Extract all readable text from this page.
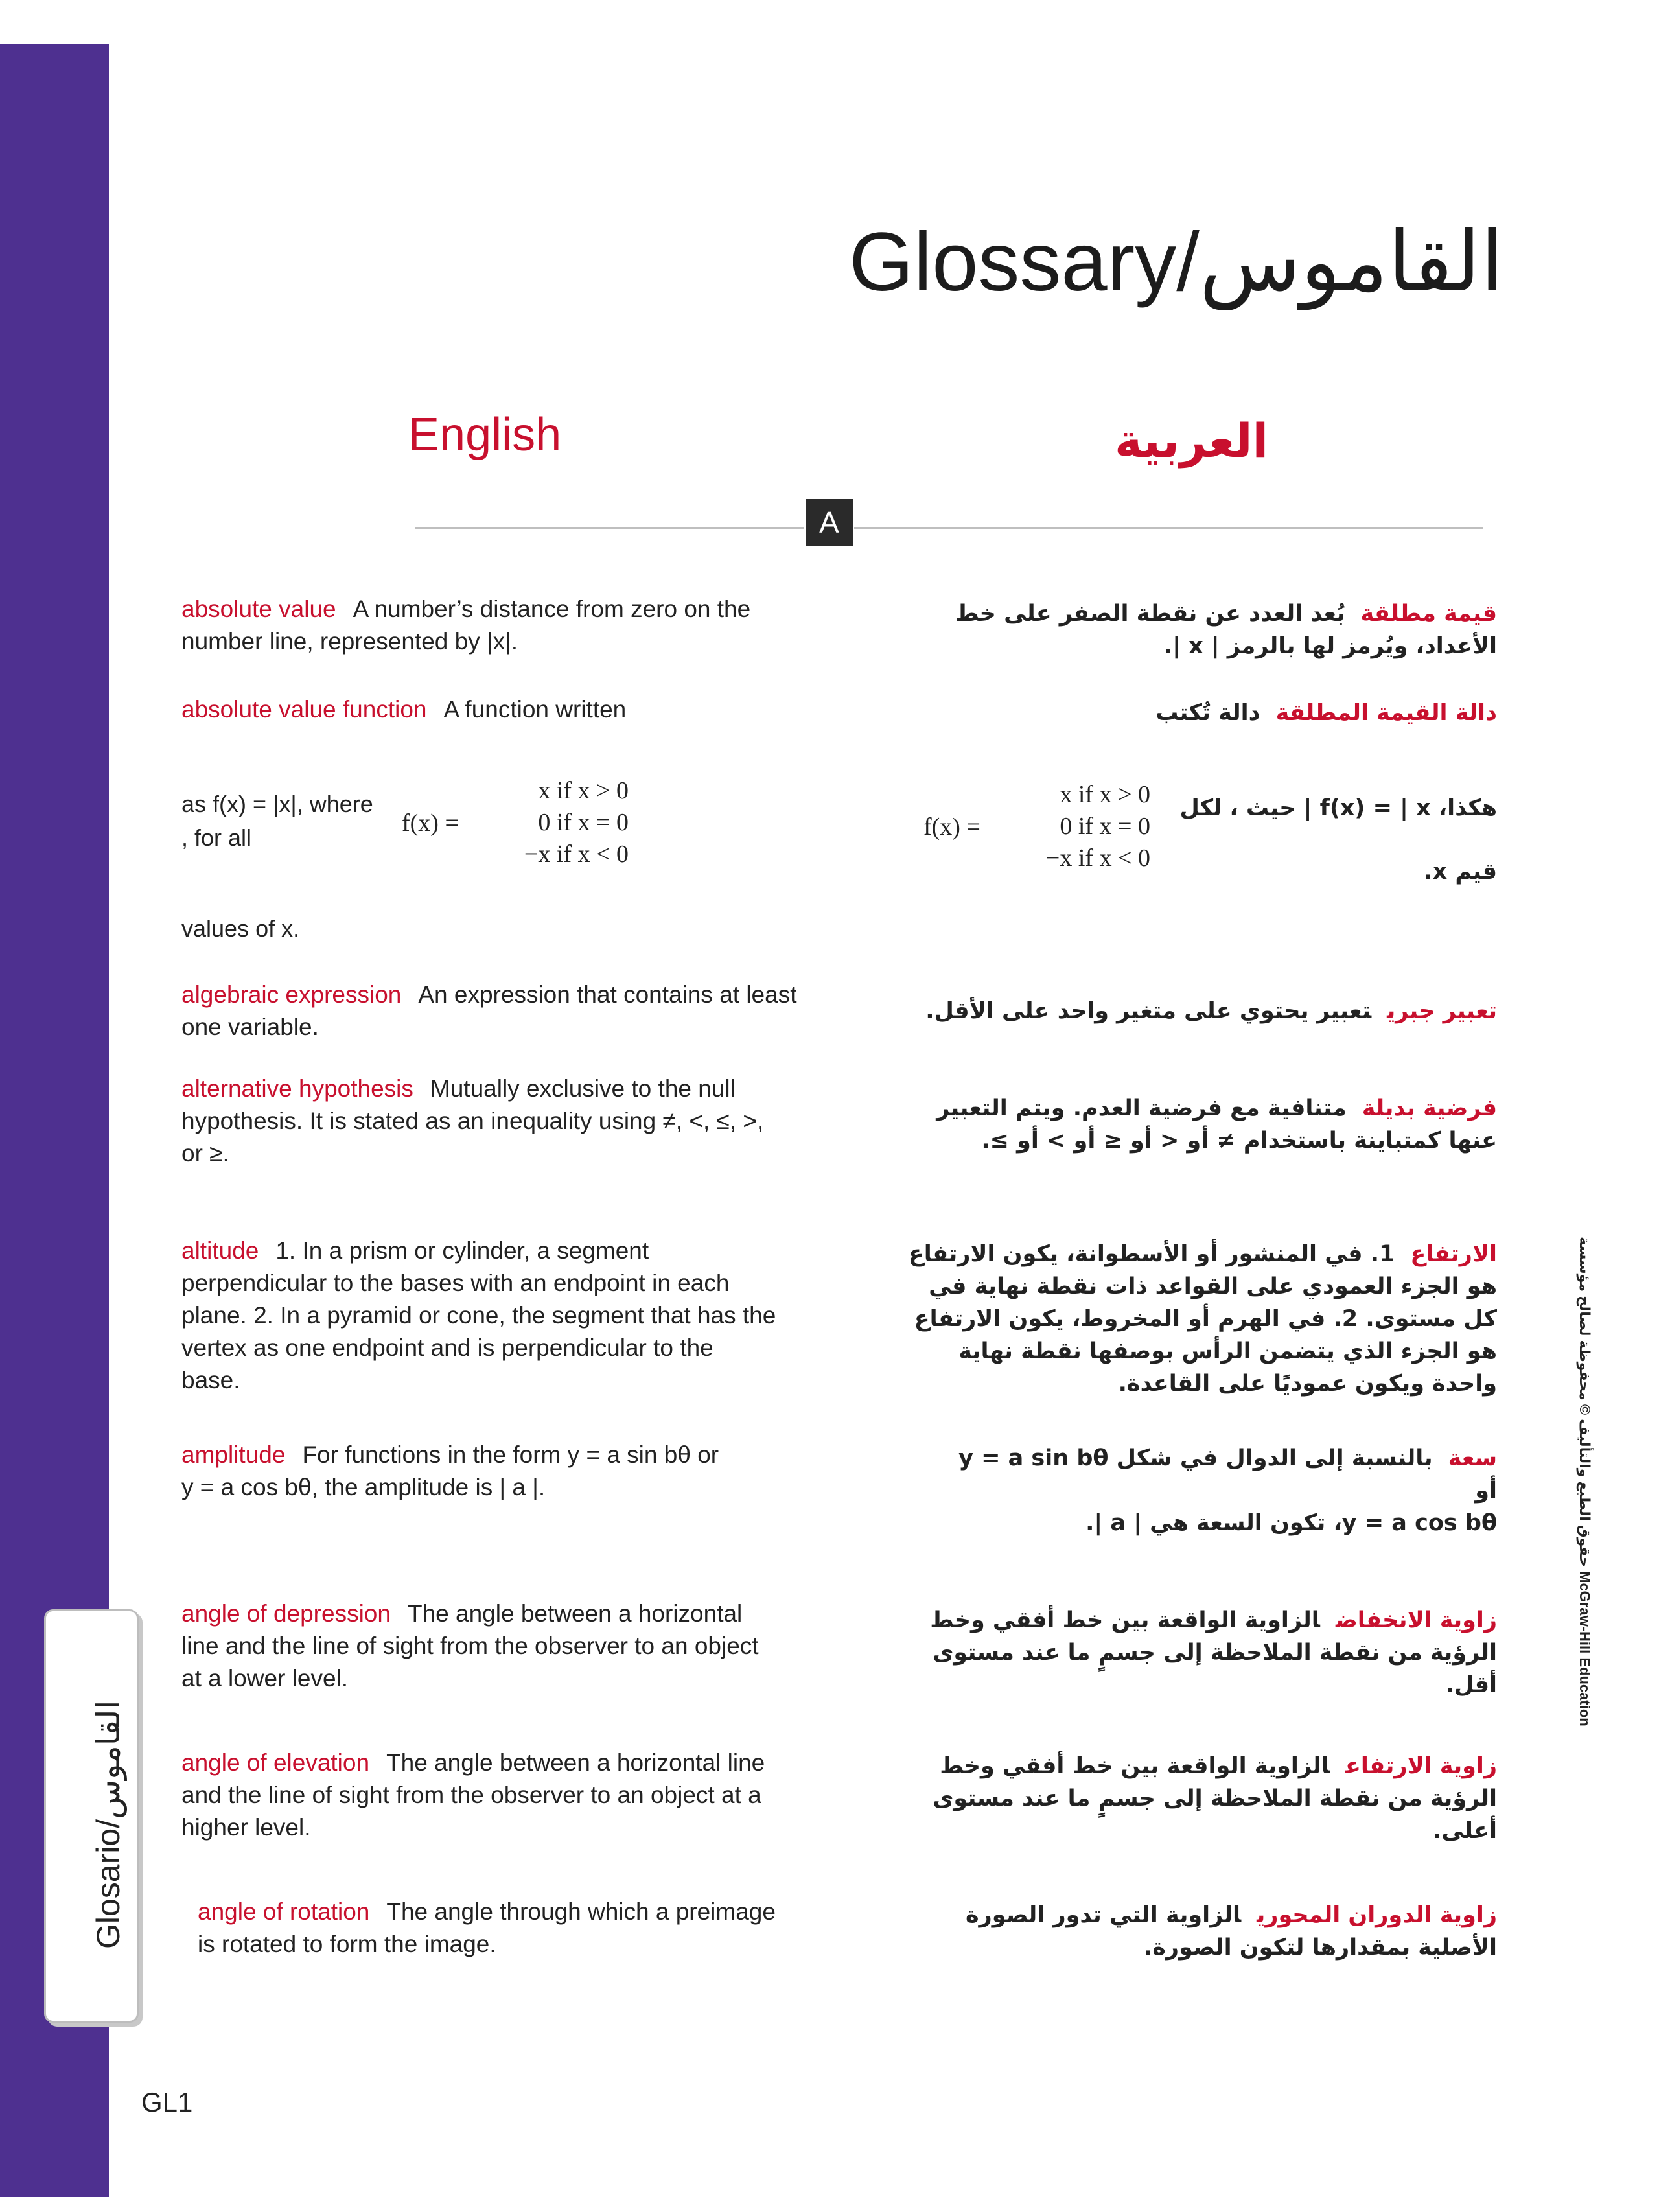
Glosario/القاموس
Glossary/القاموس
English	العربية
A
absolute value A number’s distance from zero on the number line, represented by |x|.
absolute value function A function written
as f(x) = |x|, where
, for all
f(x) =
x if x > 0
0 if x = 0
−x if x < 0
values of x.
algebraic expression An expression that contains at least one variable.
alternative hypothesis Mutually exclusive to the null hypothesis. It is stated as an inequality using ≠, <, ≤, >,
or ≥.
altitude 1. In a prism or cylinder, a segment perpendicular to the bases with an endpoint in each plane. 2. In a pyramid or cone, the segment that has the vertex as one endpoint and is perpendicular to the base.
amplitude For functions in the form y = a sin bθ or
y = a cos bθ, the amplitude is | a |.
angle of depression The angle between a horizontal line and the line of sight from the observer to an object at a lower level.
angle of elevation The angle between a horizontal line and the line of sight from the observer to an object at a higher level.
angle of rotation The angle through which a preimage is rotated to form the image.
قيمة مطلقةبُعد العدد عن نقطة الصفر على خط الأعداد، ويُرمز لها بالرمز | x |.
دالة القيمة المطلقةدالة تُكتب
هكذا، f(x) = | x | حيث ، لكل
f(x) =
x if x > 0
0 if x = 0
−x if x < 0	قيم x.
تعبير جبريتعبير يحتوي على متغير واحد على الأقل.
فرضية بديلةمتنافية مع فرضية العدم. ويتم التعبير عنها كمتباينة باستخدام ≠ أو < أو ≤ أو > أو ≥.
الارتفاع1. في المنشور أو الأسطوانة، يكون الارتفاع هو الجزء العمودي على القواعد ذات نقطة نهاية في كل مستوى. 2. في الهرم أو المخروط، يكون الارتفاع هو الجزء الذي يتضمن الرأس بوصفها نقطة نهاية واحدة ويكون عموديًا على القاعدة.
سعةبالنسبة إلى الدوال في شكل y = a sin bθ
أو
y = a cos bθ، تكون السعة هي | a |.
زاوية الانخفاضالزاوية الواقعة بين خط أفقي وخط الرؤية من نقطة الملاحظة إلى جسمٍ ما عند مستوى أقل.
زاوية الارتفاعالزاوية الواقعة بين خط أفقي وخط الرؤية من نقطة الملاحظة إلى جسمٍ ما عند مستوى أعلى.
زاوية الدوران المحوريالزاوية التي تدور الصورة الأصلية بمقدارها لتكون الصورة.
GL1
حقوق الطبع والتأليف © محفوظة لصالح مؤسسة McGraw-Hill Education
